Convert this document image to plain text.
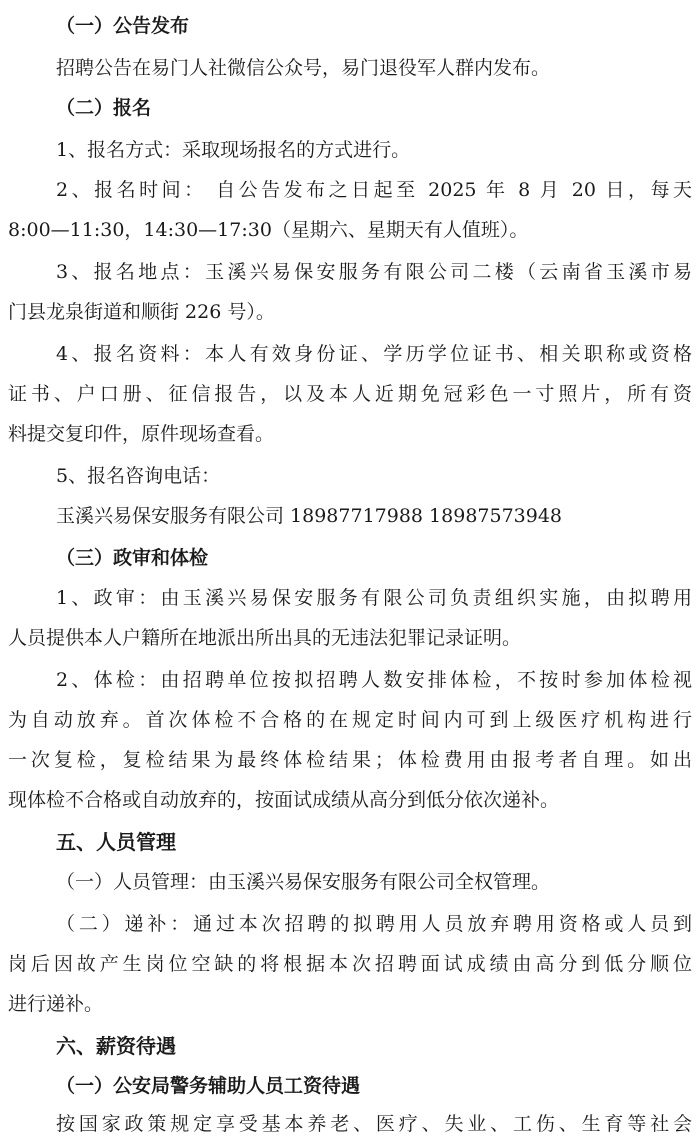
（一）公告发布
招聘公告在易门人社微信公众号，易门退役军人群内发布。
（二）报名
1、报名方式：采取现场报名的方式进行。
2、报名时间： 自公告发布之日起至 2025 年 8 月 20 日，每天
8:00—11:30，14:30—17:30（星期六、星期天有人值班）。
3、报名地点：玉溪兴易保安服务有限公司二楼（云南省玉溪市易
门县龙泉街道和顺街 226 号）。
4、报名资料：本人有效身份证、学历学位证书、相关职称或资格
证书、户口册、征信报告，以及本人近期免冠彩色一寸照片，所有资
料提交复印件，原件现场查看。
5、报名咨询电话：
玉溪兴易保安服务有限公司 18987717988 18987573948
（三）政审和体检
1、政审：由玉溪兴易保安服务有限公司负责组织实施，由拟聘用
人员提供本人户籍所在地派出所出具的无违法犯罪记录证明。
2、体检：由招聘单位按拟招聘人数安排体检，不按时参加体检视
为自动放弃。首次体检不合格的在规定时间内可到上级医疗机构进行
一次复检，复检结果为最终体检结果；体检费用由报考者自理。如出
现体检不合格或自动放弃的，按面试成绩从高分到低分依次递补。
五、人员管理
（一）人员管理：由玉溪兴易保安服务有限公司全权管理。
（二）递补：通过本次招聘的拟聘用人员放弃聘用资格或人员到
岗后因故产生岗位空缺的将根据本次招聘面试成绩由高分到低分顺位
进行递补。
六、薪资待遇
（一）公安局警务辅助人员工资待遇
按国家政策规定享受基本养老、医疗、失业、工伤、生育等社会
